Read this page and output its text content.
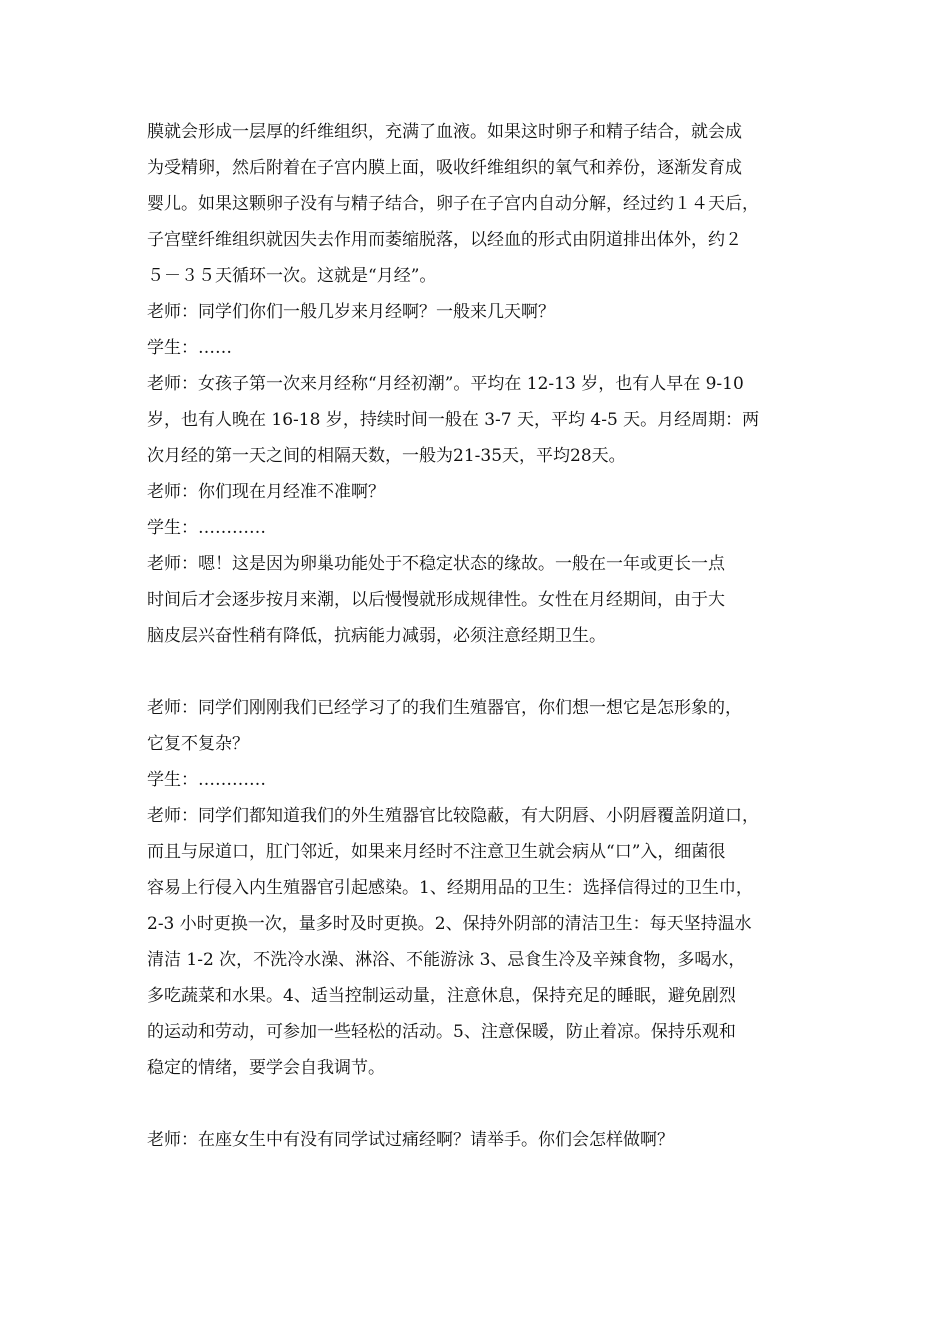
膜就会形成一层厚的纤维组织，充满了血液。如果这时卵子和精子结合，就会成
为受精卵，然后附着在子宫内膜上面，吸收纤维组织的氧气和养份，逐渐发育成
婴儿。如果这颗卵子没有与精子结合，卵子在子宫内自动分解，经过约１４天后，
子宫壁纤维组织就因失去作用而萎缩脱落，以经血的形式由阴道排出体外，约２
５－３５天循环一次。这就是“月经”。
老师：同学们你们一般几岁来月经啊？一般来几天啊？
学生：……
老师：女孩子第一次来月经称“月经初潮”。平均在 12-13 岁，也有人早在 9-10
岁，也有人晚在 16-18 岁，持续时间一般在 3-7 天，平均 4-5 天。月经周期：两
次月经的第一天之间的相隔天数，一般为21-35天，平均28天。
老师：你们现在月经准不准啊？
学生：…………
老师：嗯！这是因为卵巢功能处于不稳定状态的缘故。一般在一年或更长一点
时间后才会逐步按月来潮，以后慢慢就形成规律性。女性在月经期间，由于大
脑皮层兴奋性稍有降低，抗病能力减弱，必须注意经期卫生。
老师：同学们刚刚我们已经学习了的我们生殖器官，你们想一想它是怎形象的，
它复不复杂？
学生：…………
老师：同学们都知道我们的外生殖器官比较隐蔽，有大阴唇、小阴唇覆盖阴道口，
而且与尿道口，肛门邻近，如果来月经时不注意卫生就会病从“口”入，细菌很
容易上行侵入内生殖器官引起感染。1、经期用品的卫生：选择信得过的卫生巾，
2-3 小时更换一次，量多时及时更换。2、保持外阴部的清洁卫生：每天坚持温水
清洁 1-2 次，不洗冷水澡、淋浴、不能游泳 3、忌食生冷及辛辣食物，多喝水，
多吃蔬菜和水果。4、适当控制运动量，注意休息，保持充足的睡眠，避免剧烈
的运动和劳动，可参加一些轻松的活动。5、注意保暖，防止着凉。保持乐观和
稳定的情绪，要学会自我调节。
老师：在座女生中有没有同学试过痛经啊？请举手。你们会怎样做啊？
